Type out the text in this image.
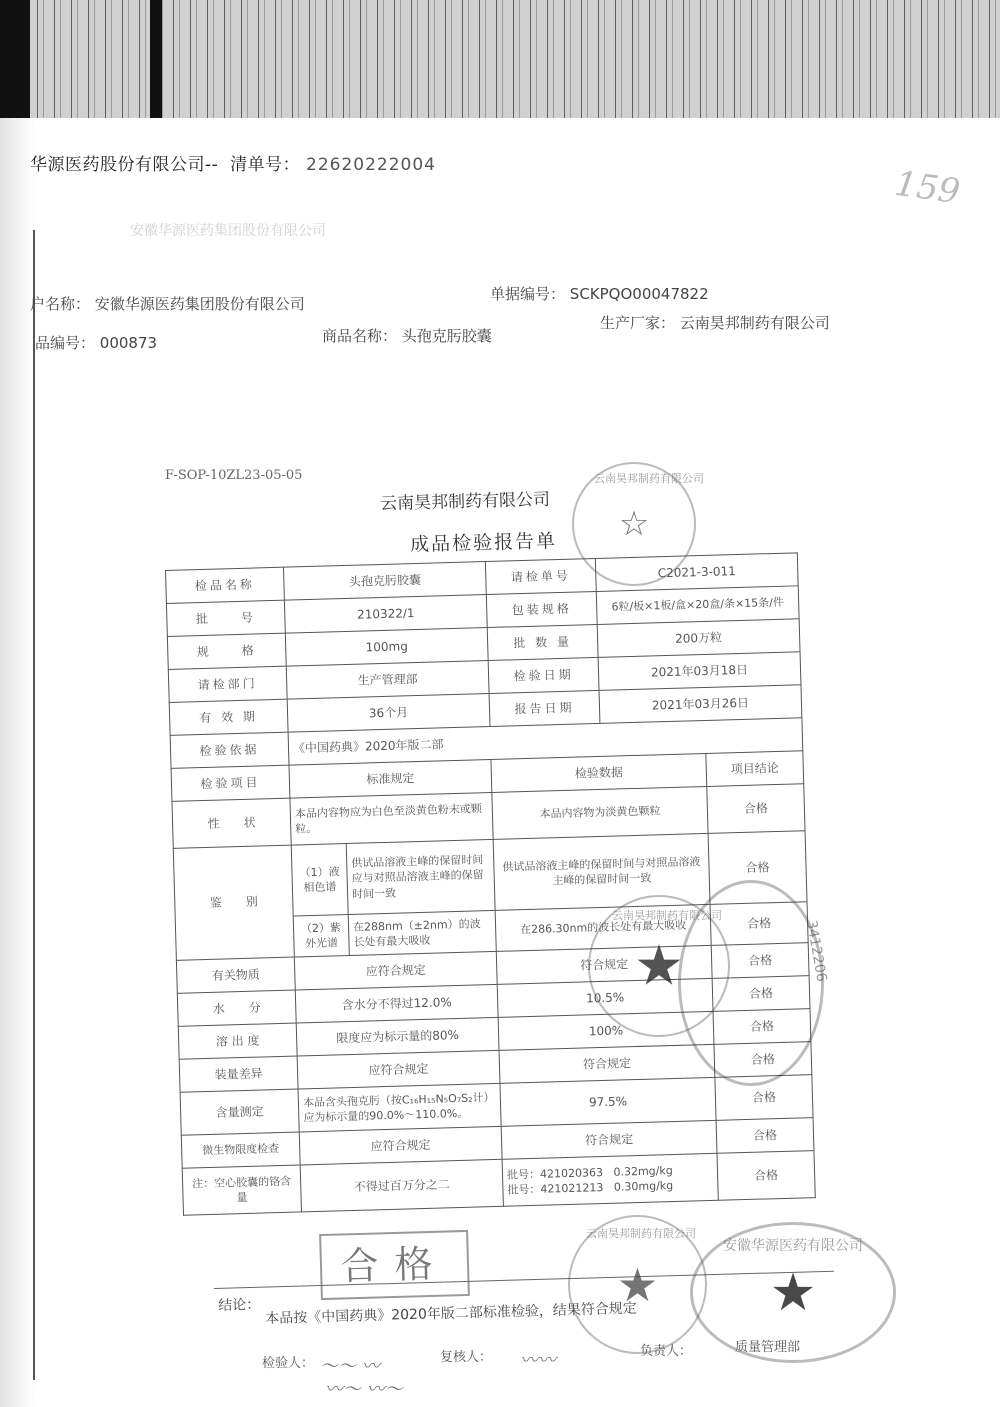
华源医药股份有限公司-- 清单号： 22620222004	159
安徽华源医药集团股份有限公司
户名称： 安徽华源医药集团股份有限公司
单据编号： SCKPQO00047822
品编号： 000873	商品名称： 头孢克肟胶囊
生产厂家： 云南昊邦制药有限公司
F-SOP-10ZL23-05-05
云南昊邦制药有限公司
成品检验报告单	☆
云南昊邦制药有限公司
检品名称	头孢克肟胶囊		请检单号	C2021-3-011	
批　　号	210322/1		包装规格	6粒/板×1板/盒×20盒/条×15条/件	
规　　格	100mg		批 数 量	200万粒	
请检部门	生产管理部		检验日期	2021年03月18日	
有 效 期	36个月		报告日期	2021年03月26日	
检验依据	《中国药典》2020年版二部				
检验项目	标准规定		检验数据		项目结论
性　　状	本品内容物应为白色至淡黄色粉末或颗粒。		本品内容物为淡黄色颗粒		合格
鉴　　别	（1）液相色谱	供试品溶液主峰的保留时间应与对照品溶液主峰的保留时间一致	供试品溶液主峰的保留时间与对照品溶液主峰的保留时间一致		合格
	（2）紫外光谱	在288nm（±2nm）的波长处有最大吸收	在286.30nm的波长处有最大吸收		合格
有关物质	应符合规定		符合规定		合格
水　　分	含水分不得过12.0%		10.5%		合格
溶 出 度	限度应为标示量的80%		100%		合格
装量差异	应符合规定		符合规定		合格
含量测定	本品含头孢克肟（按C₁₆H₁₅N₅O₇S₂计）应为标示量的90.0%～110.0%。		97.5%		合格
微生物限度检查	应符合规定		符合规定		合格
注：空心胶囊的铬含量	不得过百万分之二		批号：421020363 0.32mg/kg
批号：421021213 0.30mg/kg		合格
★
云南昊邦制药有限公司
3412206
合格
结论： 本品按《中国药典》2020年版二部标准检验，结果符合规定
★
云南昊邦制药有限公司
★
安徽华源医药有限公司
检验人：	复核人：	负责人：	质量管理部
〜〜 〰
〰〜 〰〜
〰〰
